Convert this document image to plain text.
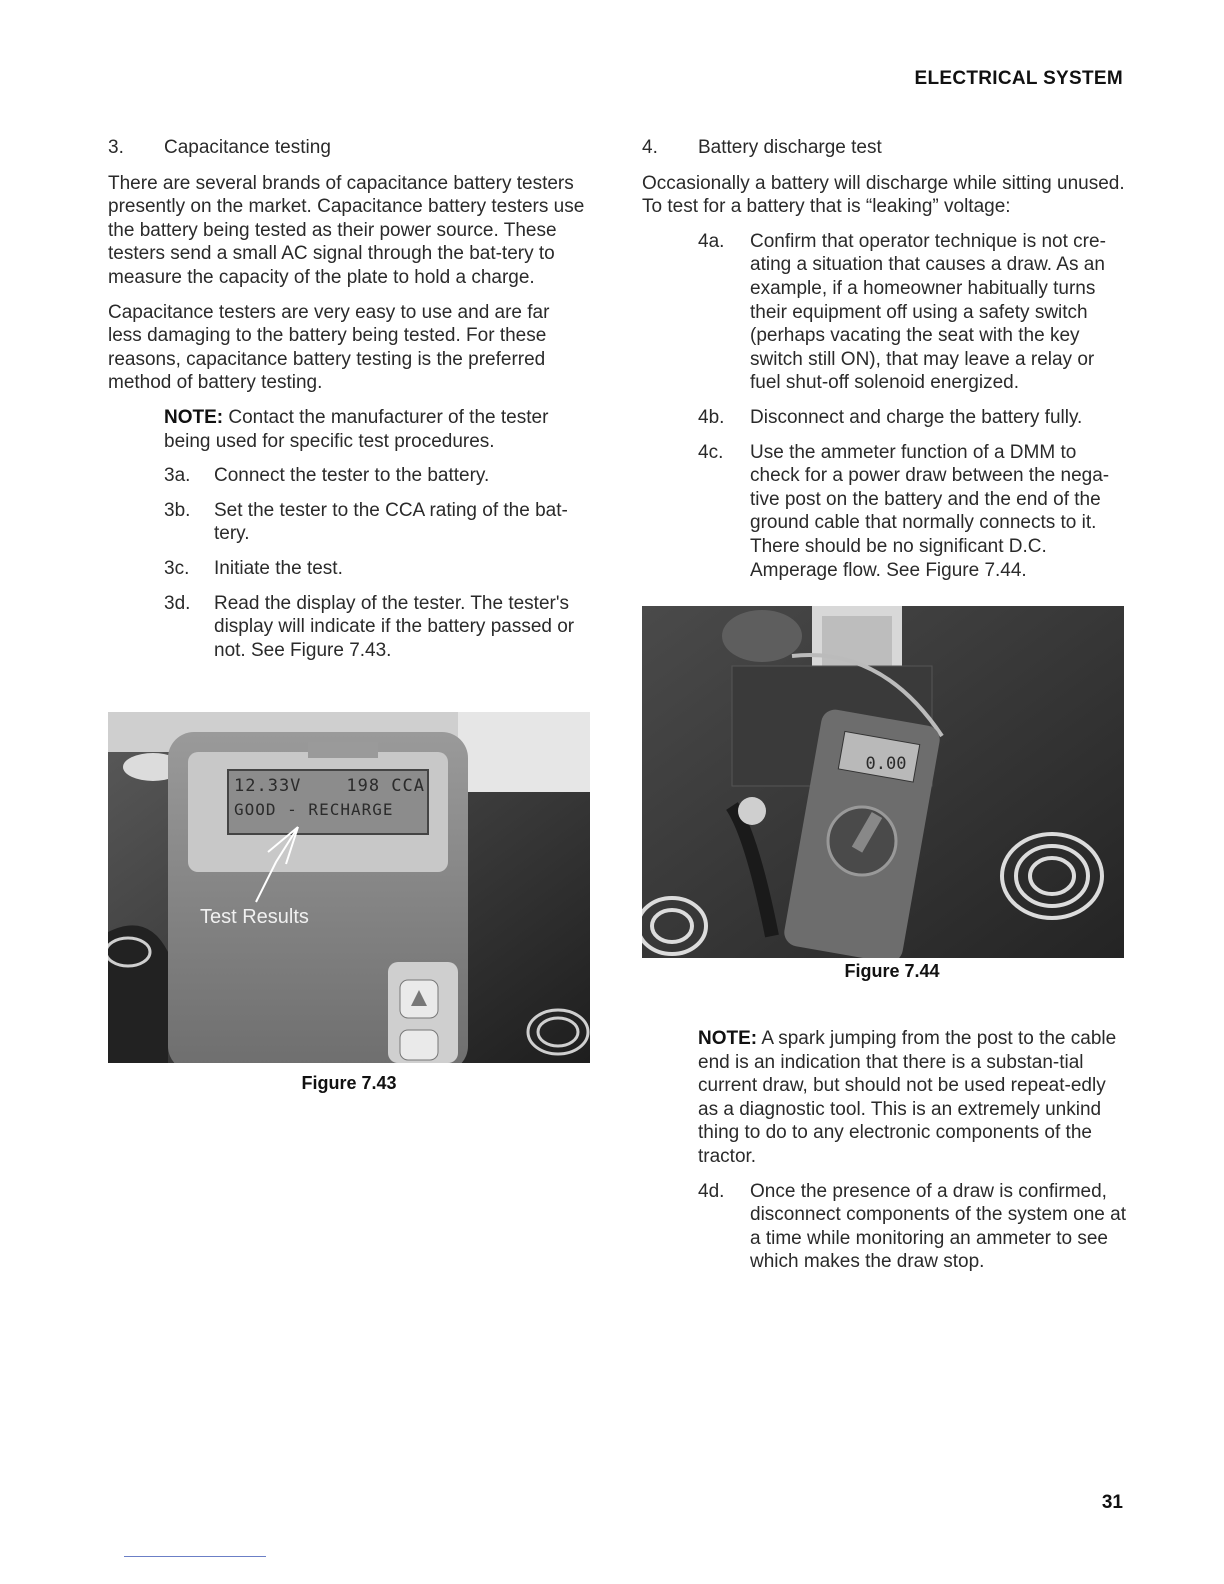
ELECTRICAL SYSTEM
3.	Capacitance testing

There are several brands of capacitance battery testers presently on the market. Capacitance battery testers use the battery being tested as their power source. These testers send a small AC signal through the bat-tery to measure the capacity of the plate to hold a charge.

Capacitance testers are very easy to use and are far less damaging to the battery being tested. For these reasons, capacitance battery testing is the preferred method of battery testing.

NOTE: Contact the manufacturer of the tester being used for specific test procedures.

3a.	Connect the tester to the battery.
3b.	Set the tester to the CCA rating of the bat-tery.
3c.	Initiate the test.
3d.	Read the display of the tester. The tester's display will indicate if the battery passed or not. See Figure 7.43.
12.33V    198 CCA
GOOD - RECHARGE
Test Results
Figure 7.43
4.	Battery discharge test

Occasionally a battery will discharge while sitting unused. To test for a battery that is “leaking” voltage:

4a.	Confirm that operator technique is not cre-ating a situation that causes a draw. As an example, if a homeowner habitually turns their equipment off using a safety switch (perhaps vacating the seat with the key switch still ON), that may leave a relay or fuel shut-off solenoid energized.
4b.	Disconnect and charge the battery fully.
4c.	Use the ammeter function of a DMM to check for a power draw between the nega-tive post on the battery and the end of the ground cable that normally connects to it. There should be no significant D.C. Amperage flow. See Figure 7.44.
0.00
Figure 7.44

NOTE: A spark jumping from the post to the cable end is an indication that there is a substan-tial current draw, but should not be used repeat-edly as a diagnostic tool. This is an extremely unkind thing to do to any electronic components of the tractor.

4d.	Once the presence of a draw is confirmed, disconnect components of the system one at a time while monitoring an ammeter to see which makes the draw stop.
31
